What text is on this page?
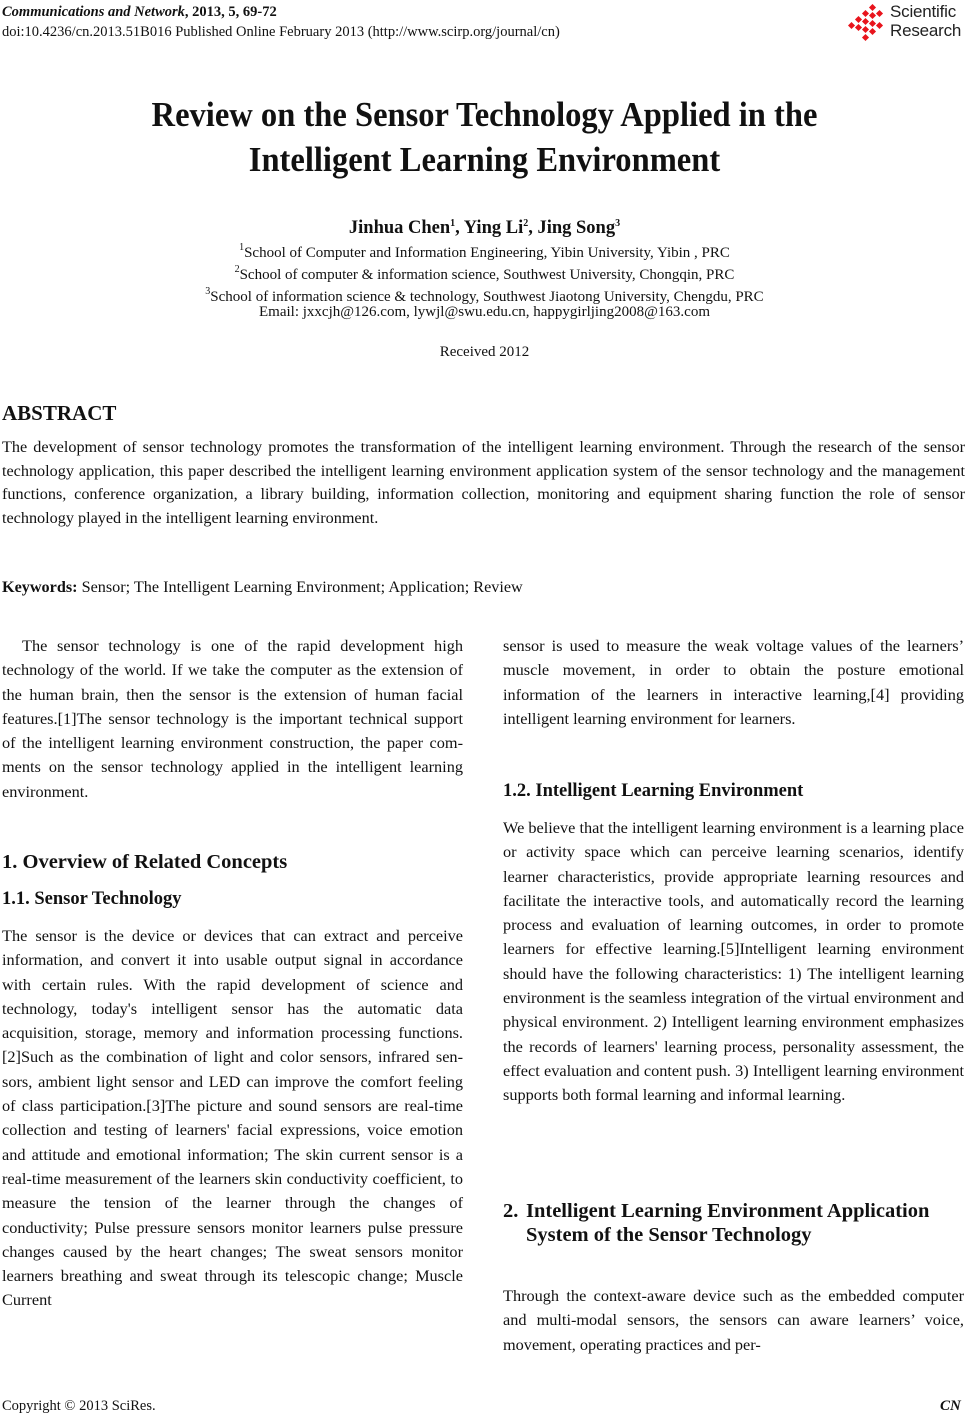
Communications and Network, 2013, 5, 69-72
doi:10.4236/cn.2013.51B016 Published Online February 2013 (http://www.scirp.org/journal/cn)
Scientific
Research
Review on the Sensor Technology Applied in the
Intelligent Learning Environment
Jinhua Chen$^1$, Ying Li$^2$, Jing Song$^3$
$^1$School of Computer and Information Engineering, Yibin University, Yibin , PRC
$^2$School of computer & information science, Southwest University, Chongqin, PRC
$^3$School of information science & technology, Southwest Jiaotong University, Chengdu, PRC
Email: jxxcjh@126.com, lywjl@swu.edu.cn, happygirljing2008@163.com
Received 2012
ABSTRACT
The development of sensor technology promotes the transformation of the intelligent learning environment. Through the research of the sensor technology application, this paper described the intelligent learning environment application system of the sensor technology and the management functions, conference organization, a library building, information collection, monitoring and equipment sharing function the role of sensor technology played in the intelligent learning environment.
Keywords: Sensor; The Intelligent Learning Environment; Application; Review

The sensor technology is one of the rapid development high technology of the world. If we take the computer as the extension of the human brain, then the sensor is the extension of human facial features.[1]The sensor technology is the important technical support of the intelligent learning environment construction, the paper comments on the sensor technology applied in the intelligent learning environment.

1. Overview of Related Concepts
1.1. Sensor Technology

The sensor is the device or devices that can extract and perceive information, and convert it into usable output signal in accordance with certain rules. With the rapid development of science and technology, today's intelligent sensor has the automatic data acquisition, storage, memory and information processing functions.[2]Such as the combination of light and color sensors, infrared sensors, ambient light sensor and LED can improve the comfort feeling of class participation.[3]The picture and sound sensors are real-time collection and testing of learners' facial expressions, voice emotion and attitude and emotional information; The skin current sensor is a real-time measurement of the learners skin conductivity coefficient, to measure the tension of the learner through the changes of conductivity; Pulse pressure sensors monitor learners pulse pressure changes caused by the heart changes; The sweat sensors monitor learners breathing and sweat through its telescopic change; Muscle Current

sensor is used to measure the weak voltage values of the learners’ muscle movement, in order to obtain the posture emotional information of the learners in interactive learning,[4] providing intelligent learning environment for learners.

1.2. Intelligent Learning Environment

We believe that the intelligent learning environment is a learning place or activity space which can perceive learning scenarios, identify learner characteristics, provide appropriate learning resources and facilitate the interactive tools, and automatically record the learning process and evaluation of learning outcomes, in order to promote learners for effective learning.[5]Intelligent learning environment should have the following characteristics: 1) The intelligent learning environment is the seamless integration of the virtual environment and physical environment. 2) Intelligent learning environment emphasizes the records of learners' learning process, personality assessment, the effect evaluation and content push. 3) Intelligent learning environment supports both formal learning and informal learning.

2. Intelligent Learning Environment Application System of the Sensor Technology

Through the context-aware device such as the embedded computer and multi-modal sensors, the sensors can aware learners’ voice, movement, operating practices and per-

Copyright © 2013 SciRes.	CN
